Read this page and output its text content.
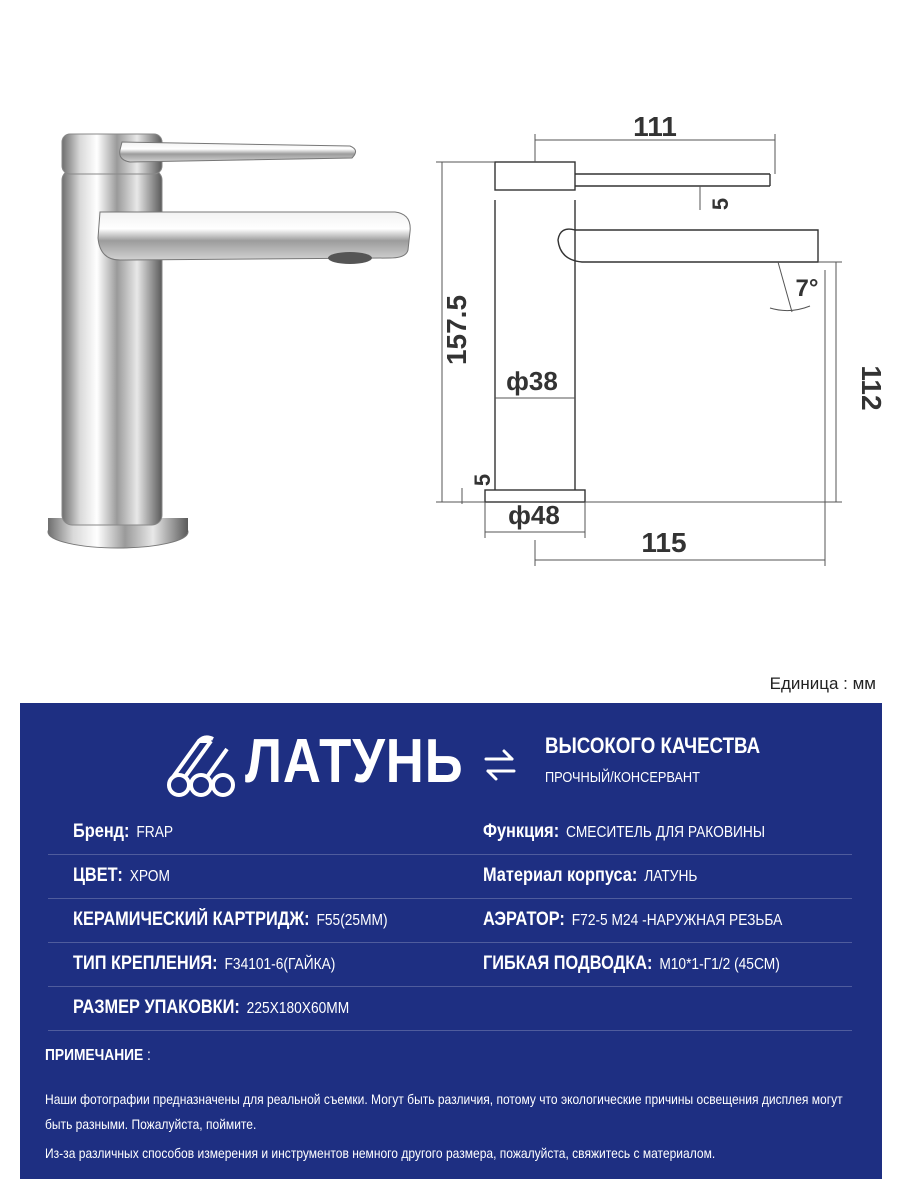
111
5
157.5
7°
ф38	112
5
ф48
115
Единица : мм
ЛАТУНЬ	ВЫСОКОГО КАЧЕСТВА
ПРОЧНЫЙ/КОНСЕРВАНТ
Бренд: FRAP	Функция: СМЕСИТЕЛЬ ДЛЯ РАКОВИНЫ
ЦВЕТ: ХРОМ	Материал корпуса: ЛАТУНЬ
КЕРАМИЧЕСКИЙ КАРТРИДЖ: F55(25ММ)	АЭРАТОР: F72-5 М24 -НАРУЖНАЯ РЕЗЬБА
ТИП КРЕПЛЕНИЯ: F34101-6(ГАЙКА)	ГИБКАЯ ПОДВОДКА: М10*1-Г1/2 (45СМ)
РАЗМЕР УПАКОВКИ: 225Х180Х60ММ
ПРИМЕЧАНИЕ :

Наши фотографии предназначены для реальной съемки. Могут быть различия, потому что экологические причины освещения дисплея могут быть разными. Пожалуйста, поймите.

Из-за различных способов измерения и инструментов немного другого размера, пожалуйста, свяжитесь с материалом.
